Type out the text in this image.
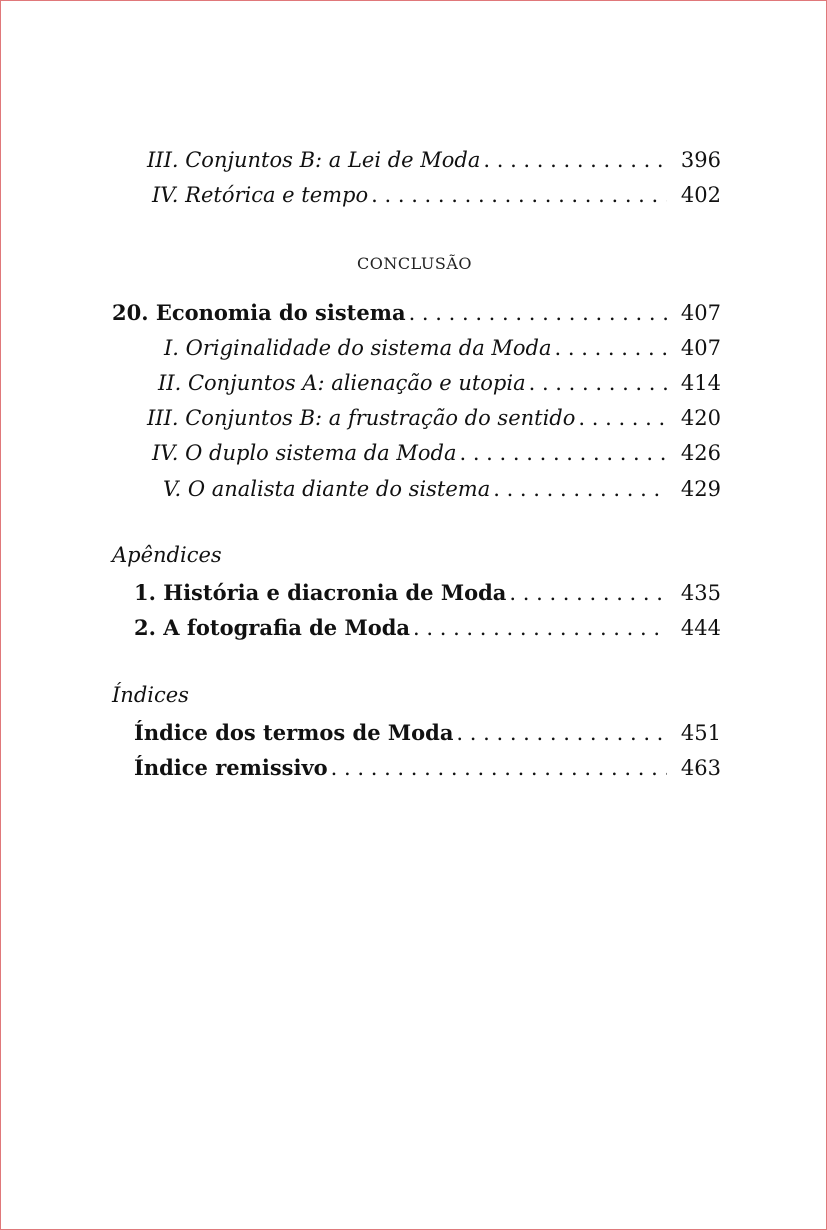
III. Conjuntos B: a Lei de Moda . . .	396
IV. Retórica e tempo . . .	402
CONCLUSÃO
20. Economia do sistema . . .	407
I. Originalidade do sistema da Moda . . .	407
II. Conjuntos A: alienação e utopia . . .	414
III. Conjuntos B: a frustração do sentido . . .	420
IV. O duplo sistema da Moda . . .	426
V. O analista diante do sistema . . .	429
Apêndices
1. História e diacronia de Moda . . .	435
2. A fotografia de Moda . . .	444
Índices
Índice dos termos de Moda . . .	451
Índice remissivo . . .	463
